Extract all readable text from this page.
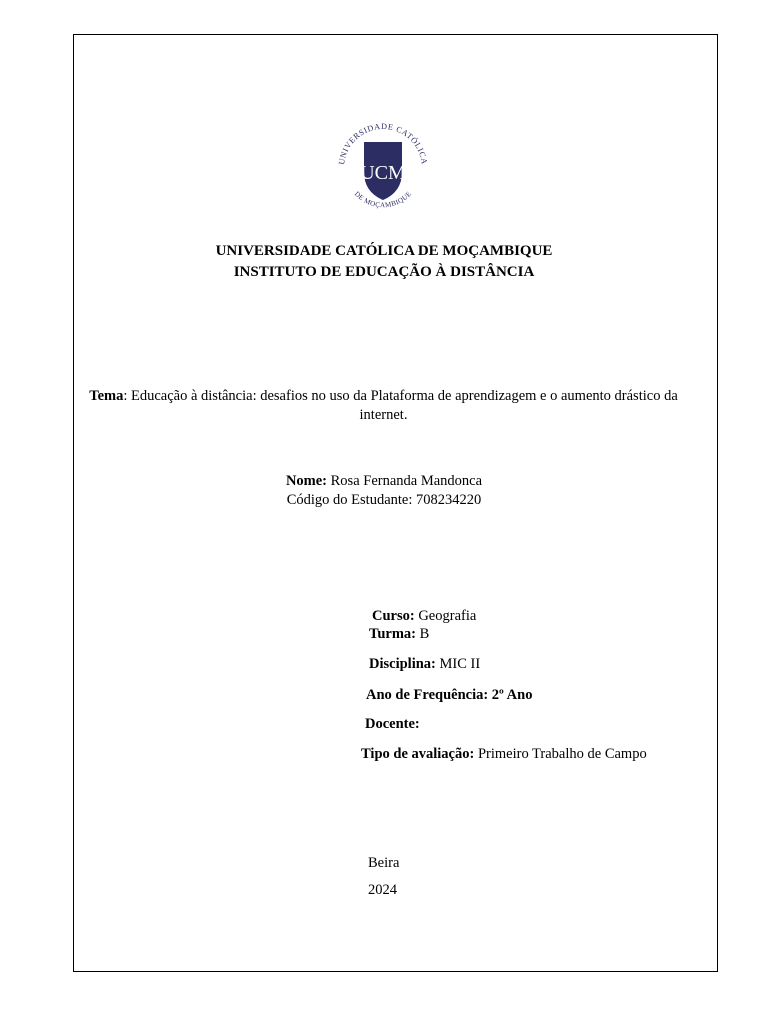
UNIVERSIDADE CATÓLICA
DE MOÇAMBIQUE
UCM
UNIVERSIDADE CATÓLICA DE MOÇAMBIQUE
INSTITUTO DE EDUCAÇÃO À DISTÂNCIA
Tema: Educação à distância: desafios no uso da Plataforma de aprendizagem e o aumento drástico da internet.
Nome: Rosa Fernanda Mandonca
Código do Estudante: 708234220
Curso: Geografia
Turma: B
Disciplina: MIC II
Ano de Frequência: 2º Ano
Docente:
Tipo de avaliação: Primeiro Trabalho de Campo
Beira
2024
